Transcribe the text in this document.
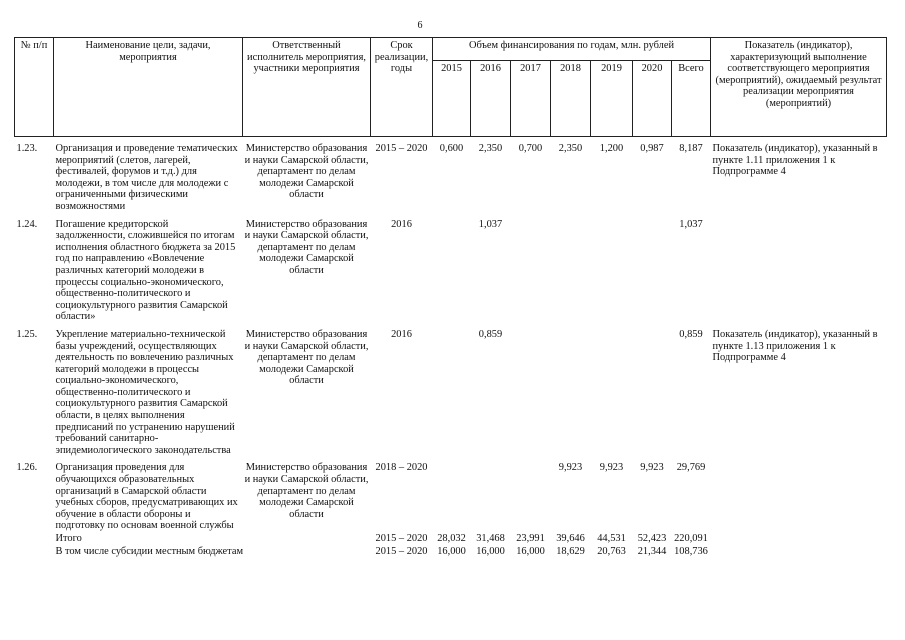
6
№ п/п	Наименование цели, задачи, мероприятия	Ответственный исполнитель мероприятия, участники мероприятия	Срок реализации, годы	Объем финансирования по годам, млн. рублей							Показатель (индикатор), характеризующий выполнение соответствующего мероприятия (мероприятий), ожидаемый результат реализации мероприятия (мероприятий)
				2015	2016	2017	2018	2019	2020	Всего	
1.23.	Организация и проведение тематических мероприятий (слетов, лагерей, фестивалей, форумов и т.д.) для молодежи, в том числе для молодежи с ограниченными физическими возможностями	Министерство образования и науки Самарской области, департамент по делам молодежи Самарской области	2015 – 2020	0,600	2,350	0,700	2,350	1,200	0,987	8,187	Показатель (индикатор), указанный в пункте 1.11 приложения 1 к Подпрограмме 4
1.24.	Погашение кредиторской задолженности, сложившейся по итогам исполнения областного бюджета за 2015 год по направлению «Вовлечение различных категорий молодежи в процессы социально-экономического, общественно-политического и социокультурного развития Самарской области»	Министерство образования и науки Самарской области, департамент по делам молодежи Самарской области	2016		1,037					1,037	
1.25.	Укрепление материально-технической базы учреждений, осуществляющих деятельность по вовлечению различных категорий молодежи в процессы социально-экономического, общественно-политического и социокультурного развития Самарской области, в целях выполнения предписаний по устранению нарушений требований санитарно-эпидемиологического законодательства	Министерство образования и науки Самарской области, департамент по делам молодежи Самарской области	2016		0,859					0,859	Показатель (индикатор), указанный в пункте 1.13 приложения 1 к Подпрограмме 4
1.26.	Организация проведения для обучающихся образовательных организаций в Самарской области учебных сборов, предусматривающих их обучение в области обороны и подготовку по основам военной службы	Министерство образования и науки Самарской области, департамент по делам молодежи Самарской области	2018 – 2020				9,923	9,923	9,923	29,769	
	Итого		2015 – 2020	28,032	31,468	23,991	39,646	44,531	52,423	220,091	
	В том числе субсидии местным бюджетам		2015 – 2020	16,000	16,000	16,000	18,629	20,763	21,344	108,736	
